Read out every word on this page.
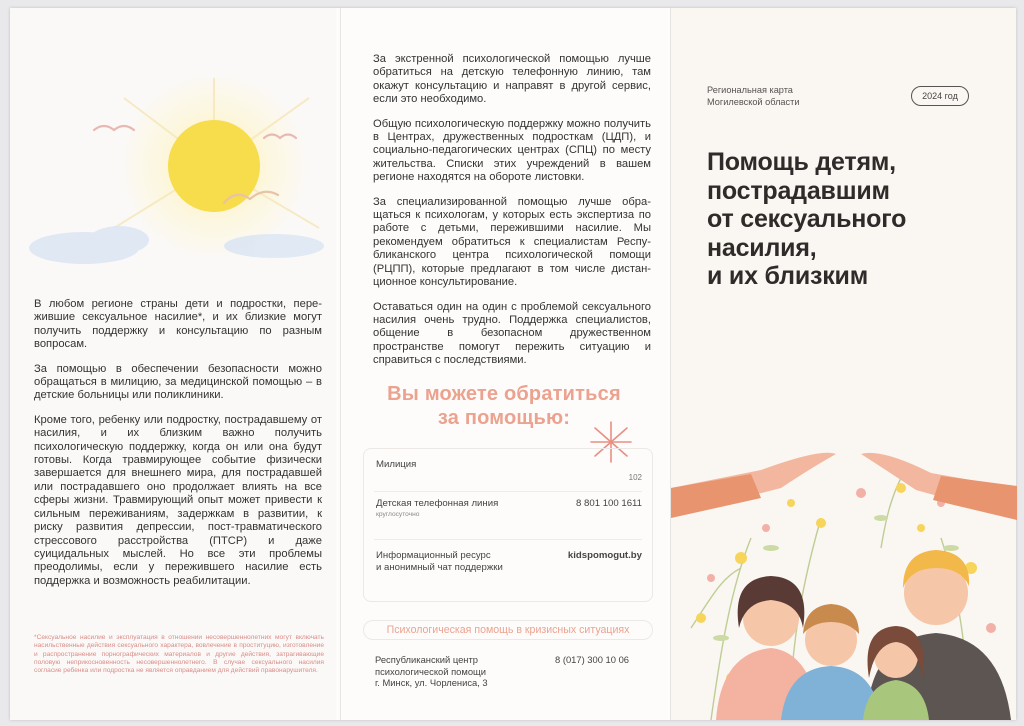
В любом регионе страны дети и подростки, пережившие сексуальное насилие*, и их близкие могут получить поддержку и консультацию по разным вопросам.

За помощью в обеспечении безопасности можно обращаться в милицию, за медицинской помощью – в детские больницы или поликлиники.

Кроме того, ребенку или подростку, пострадавшему от насилия, и их близким важно получить психологическую поддержку, когда он или она будут готовы. Когда травмирующее событие физически завершается для внешнего мира, для пострадавшей или пострадавшего оно продолжает влиять на все сферы жизни. Травмирующий опыт может привести к сильным переживаниям, задержкам в развитии, к риску развития депрессии, пост-травматического стрессового расстройства (ПТСР) и даже суицидальных мыслей. Но все эти проблемы преодолимы, если у пережившего насилие есть поддержка и возможность реабилитации.

*Сексуальное насилие и эксплуатация в отношении несовершеннолетних могут включать насильственные действия сексуального характера, вовлечение в проституцию, изготовление и распространение порнографических материалов и другие действия, затрагивающие половую неприкосновенность несовершеннолетнего. В случае сексуального насилия согласие ребенка или подростка не является оправданием для действий правонарушителя.

За экстренной психологической помощью лучше обратиться на детскую телефонную линию, там окажут консультацию и направят в другой сервис, если это необходимо.

Общую психологическую поддержку можно получить в Центрах, дружественных подросткам (ЦДП), и социально-педагогических центрах (СПЦ) по месту жительства. Списки этих учреждений в вашем регионе находятся на обороте листовки.

За специализированной помощью лучше обращаться к психологам, у которых есть экспертиза по работе с детьми, пережившими насилие. Мы рекомендуем обратиться к специалистам Республиканского центра психологической помощи (РЦПП), которые предлагают в том числе дистанционное консультирование.

Оставаться один на один с проблемой сексуального насилия очень трудно. Поддержка специалистов, общение в безопасном дружественном пространстве помогут пережить ситуацию и справиться с последствиями.

Вы можете обратиться
за помощью:
Милиция
102
Детская телефонная линия
круглосуточно
8 801 100 1611
Информационный ресурс
и анонимный чат поддержки
kidspomogut.by
Психологическая помощь в кризисных ситуациях
Республиканский центр
психологической помощи
г. Минск, ул. Чорлениса, 3
8 (017) 300 10 06
Региональная карта
Могилевской области
2024 год
Помощь детям,
пострадавшим
от сексуального
насилия,
и их близким
